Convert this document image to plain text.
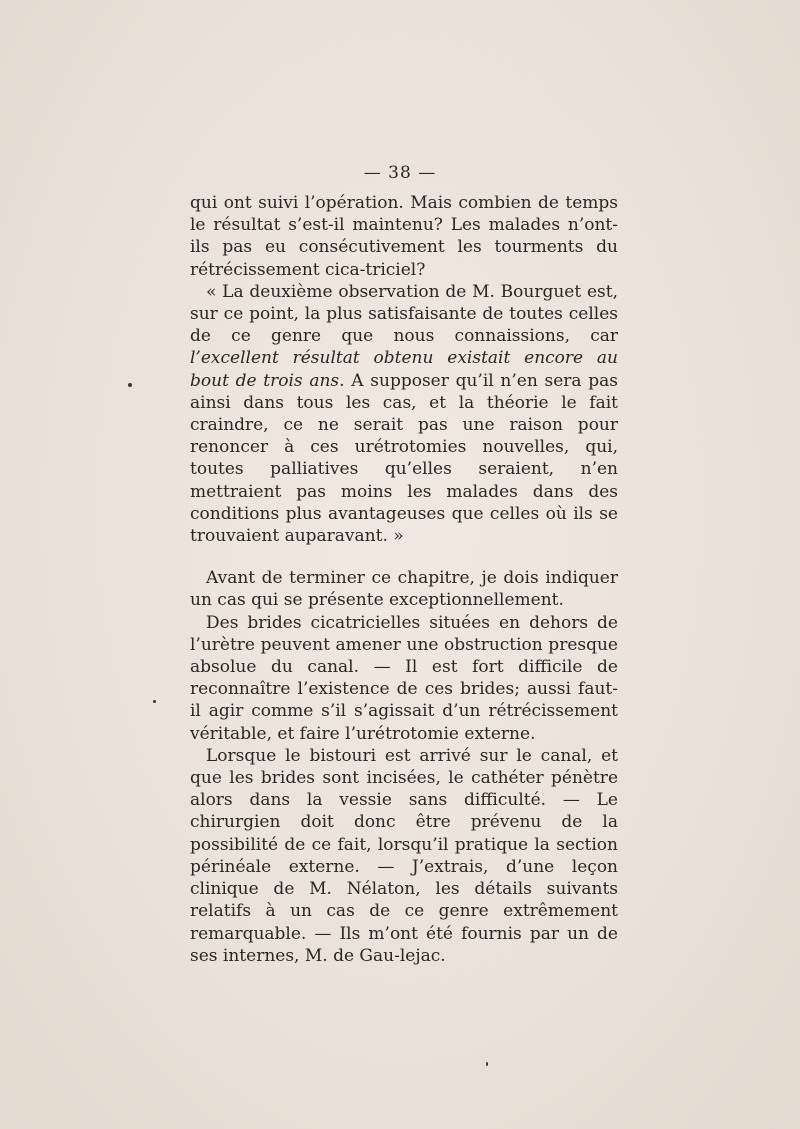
— 38 —

qui ont suivi l’opération. Mais combien de temps le résultat s’est-il maintenu? Les malades n’ont-ils pas eu consécutivement les tourments du rétrécissement cica-triciel?

« La deuxième observation de M. Bourguet est, sur ce point, la plus satisfaisante de toutes celles de ce genre que nous connaissions, car l’excellent résultat obtenu existait encore au bout de trois ans. A supposer qu’il n’en sera pas ainsi dans tous les cas, et la théorie le fait craindre, ce ne serait pas une raison pour renoncer à ces urétrotomies nouvelles, qui, toutes palliatives qu’elles seraient, n’en mettraient pas moins les malades dans des conditions plus avantageuses que celles où ils se trouvaient auparavant. »

Avant de terminer ce chapitre, je dois indiquer un cas qui se présente exceptionnellement.

Des brides cicatricielles situées en dehors de l’urètre peuvent amener une obstruction presque absolue du canal. — Il est fort difficile de reconnaître l’existence de ces brides; aussi faut-il agir comme s’il s’agissait d’un rétrécissement véritable, et faire l’urétrotomie externe.

Lorsque le bistouri est arrivé sur le canal, et que les brides sont incisées, le cathéter pénètre alors dans la vessie sans difficulté. — Le chirurgien doit donc être prévenu de la possibilité de ce fait, lorsqu’il pratique la section périnéale externe. — J’extrais, d’une leçon clinique de M. Nélaton, les détails suivants relatifs à un cas de ce genre extrêmement remarquable. — Ils m’ont été fournis par un de ses internes, M. de Gau-lejac.
